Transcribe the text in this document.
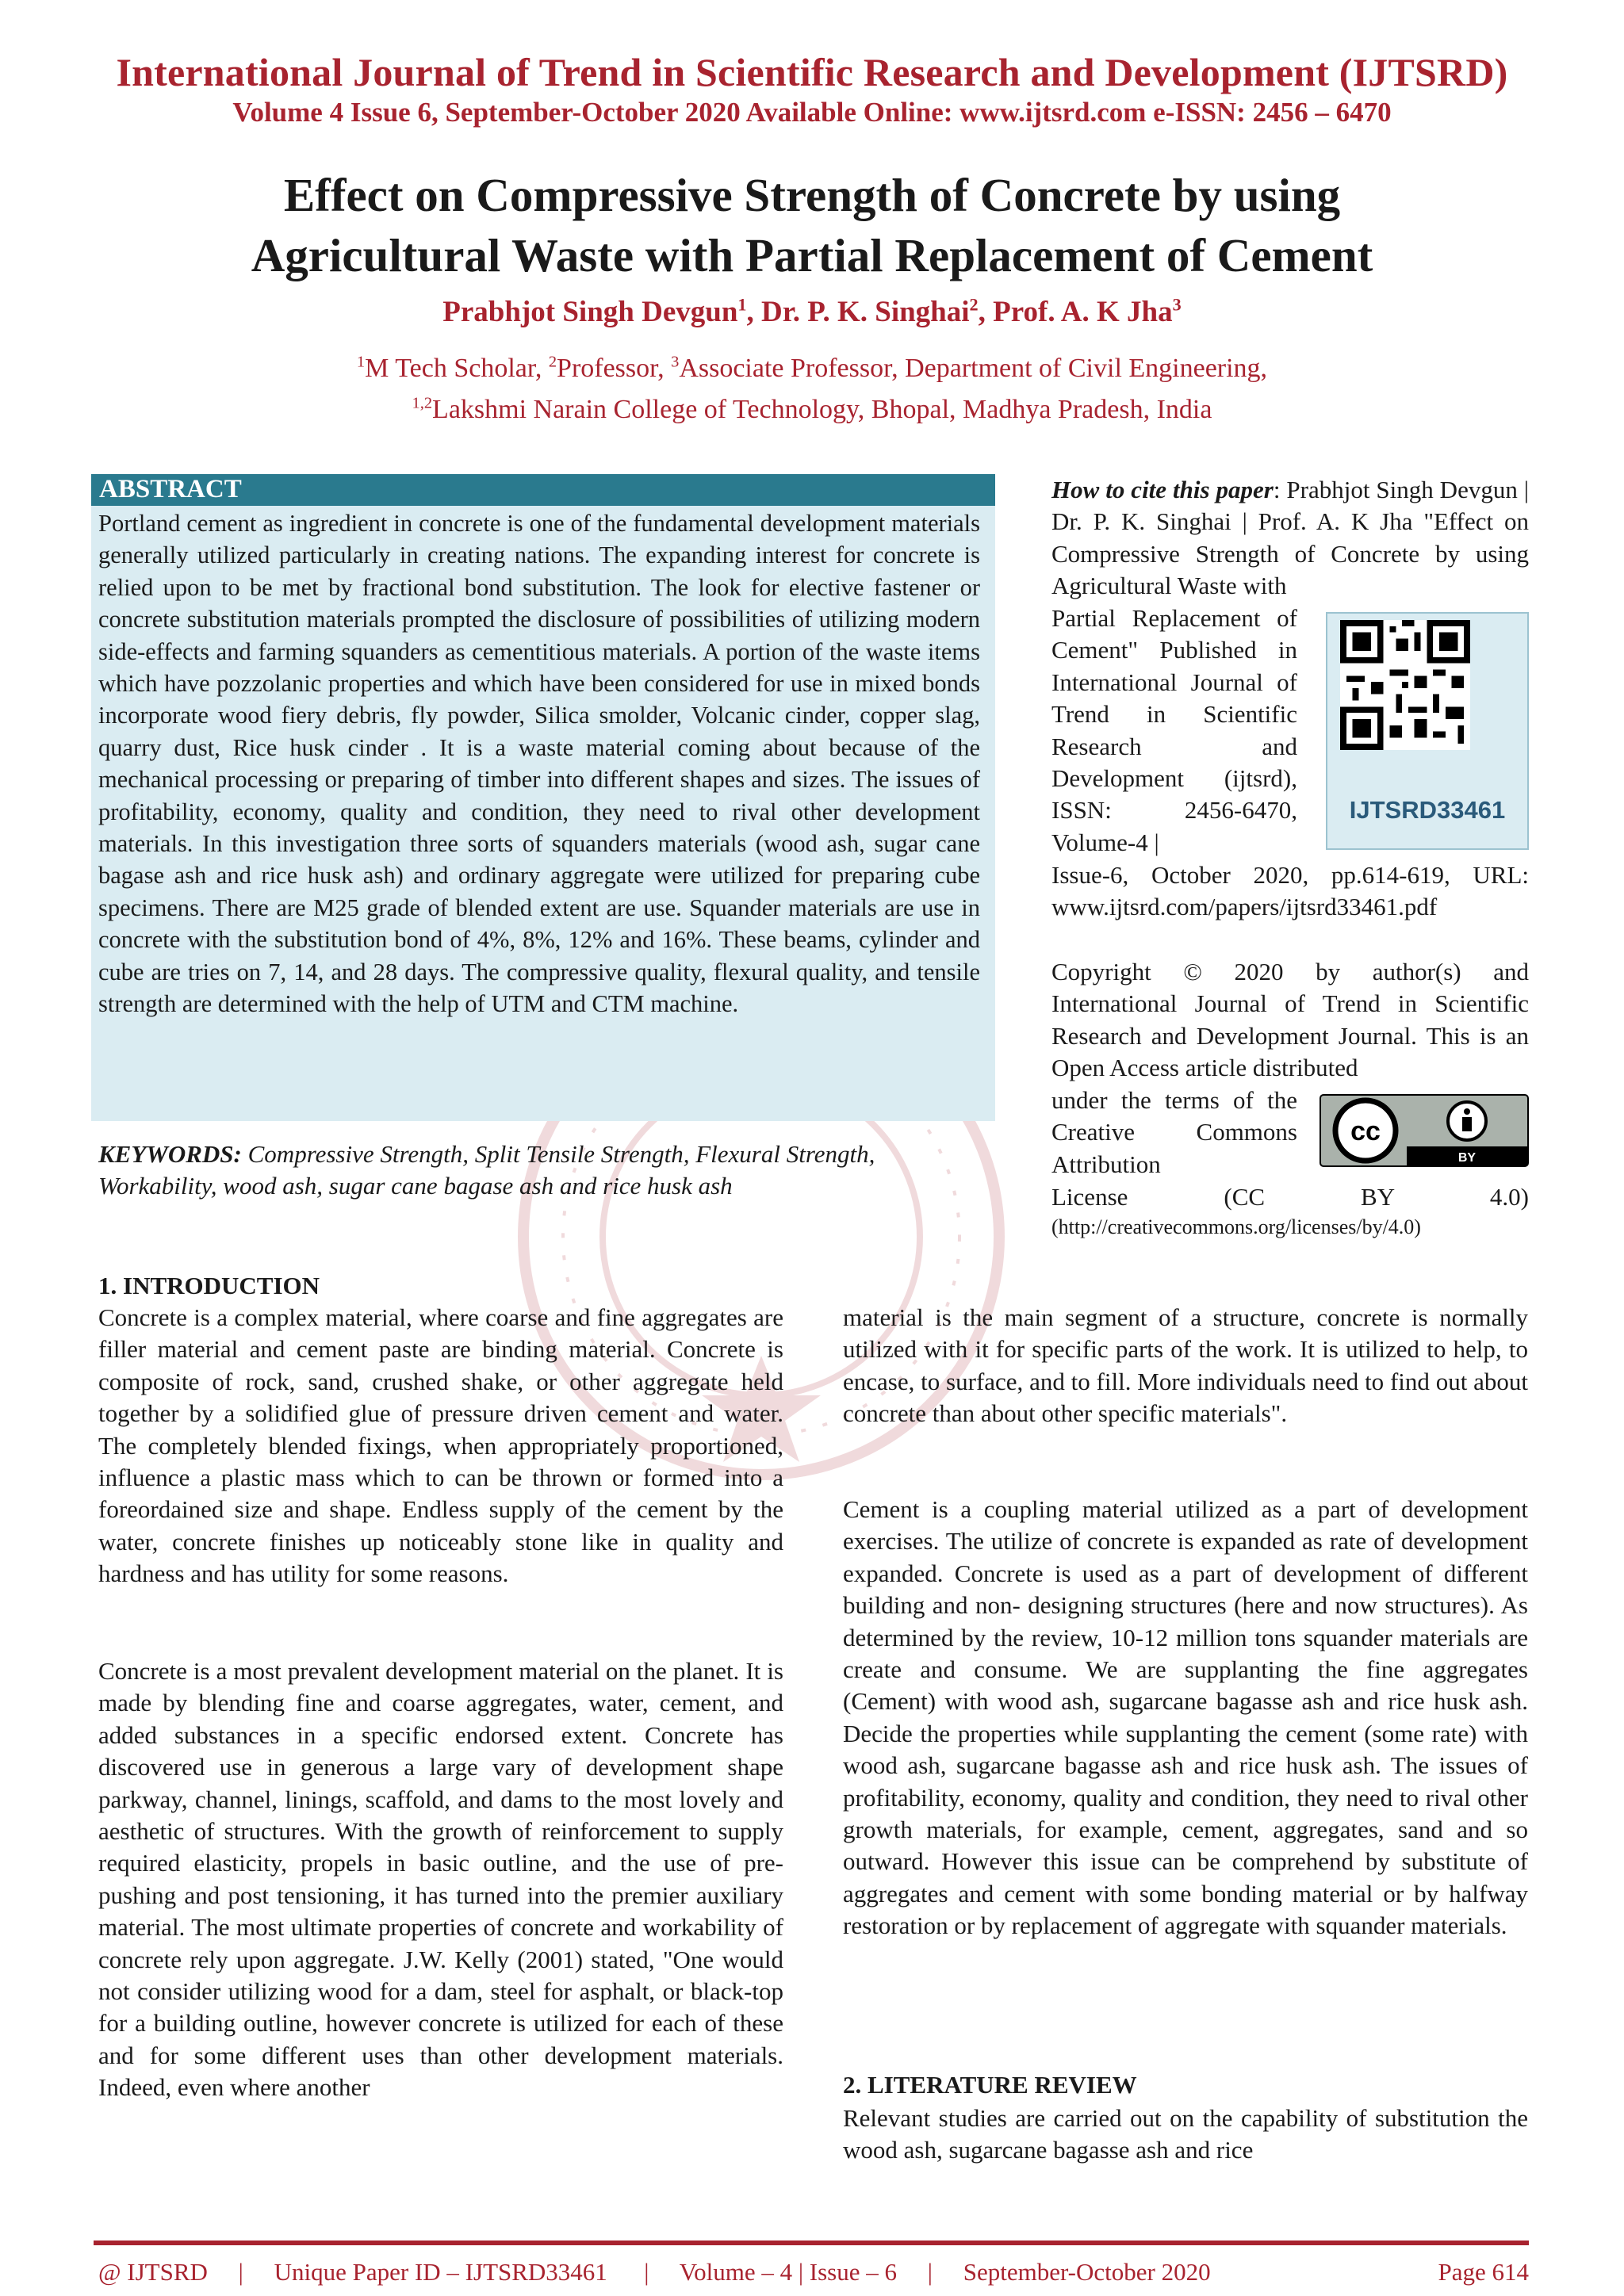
International Journal of Trend in Scientific Research and Development (IJTSRD)
Volume 4 Issue 6, September-October 2020 Available Online: www.ijtsrd.com e-ISSN: 2456 – 6470
Effect on Compressive Strength of Concrete by using
Agricultural Waste with Partial Replacement of Cement
Prabhjot Singh Devgun$^1$, Dr. P. K. Singhai$^2$, Prof. A. K Jha$^3$
$^1$M Tech Scholar, $^2$Professor, $^3$Associate Professor, Department of Civil Engineering,
$^{1,2}$Lakshmi Narain College of Technology, Bhopal, Madhya Pradesh, India
ABSTRACT
Portland cement as ingredient in concrete is one of the fundamental development materials generally utilized particularly in creating nations. The expanding interest for concrete is relied upon to be met by fractional bond substitution. The look for elective fastener or concrete substitution materials prompted the disclosure of possibilities of utilizing modern side-effects and farming squanders as cementitious materials. A portion of the waste items which have pozzolanic properties and which have been considered for use in mixed bonds incorporate wood fiery debris, fly powder, Silica smolder, Volcanic cinder, copper slag, quarry dust, Rice husk cinder . It is a waste material coming about because of the mechanical processing or preparing of timber into different shapes and sizes. The issues of profitability, economy, quality and condition, they need to rival other development materials. In this investigation three sorts of squanders materials (wood ash, sugar cane bagase ash and rice husk ash) and ordinary aggregate were utilized for preparing cube specimens. There are M25 grade of blended extent are use. Squander materials are use in concrete with the substitution bond of 4%, 8%, 12% and 16%. These beams, cylinder and cube are tries on 7, 14, and 28 days. The compressive quality, flexural quality, and tensile strength are determined with the help of UTM and CTM machine.
KEYWORDS: Compressive Strength, Split Tensile Strength, Flexural Strength, Workability, wood ash, sugar cane bagase ash and rice husk ash
How to cite this paper: Prabhjot Singh Devgun | Dr. P. K. Singhai | Prof. A. K Jha "Effect on Compressive Strength of Concrete by using Agricultural Waste with
Partial Replacement of Cement" Published in International Journal of Trend in Scientific Research and Development (ijtsrd), ISSN: 2456-6470, Volume-4 |
IJTSRD33461
Issue-6, October 2020, pp.614-619, URL: www.ijtsrd.com/papers/ijtsrd33461.pdf
Copyright © 2020 by author(s) and International Journal of Trend in Scientific Research and Development Journal. This is an Open Access article distributed
under the terms of the Creative Commons Attribution
cc
BY
License (CC BY 4.0)
(http://creativecommons.org/licenses/by/4.0)
1. INTRODUCTION
Concrete is a complex material, where coarse and fine aggregates are filler material and cement paste are binding material. Concrete is composite of rock, sand, crushed shake, or other aggregate held together by a solidified glue of pressure driven cement and water. The completely blended fixings, when appropriately proportioned, influence a plastic mass which to can be thrown or formed into a foreordained size and shape. Endless supply of the cement by the water, concrete finishes up noticeably stone like in quality and hardness and has utility for some reasons.
Concrete is a most prevalent development material on the planet. It is made by blending fine and coarse aggregates, water, cement, and added substances in a specific endorsed extent. Concrete has discovered use in generous a large vary of development shape parkway, channel, linings, scaffold, and dams to the most lovely and aesthetic of structures. With the growth of reinforcement to supply required elasticity, propels in basic outline, and the use of pre-pushing and post tensioning, it has turned into the premier auxiliary material. The most ultimate properties of concrete and workability of concrete rely upon aggregate. J.W. Kelly (2001) stated, "One would not consider utilizing wood for a dam, steel for asphalt, or black-top for a building outline, however concrete is utilized for each of these and for some different uses than other development materials. Indeed, even where another
material is the main segment of a structure, concrete is normally utilized with it for specific parts of the work. It is utilized to help, to encase, to surface, and to fill. More individuals need to find out about concrete than about other specific materials".
Cement is a coupling material utilized as a part of development exercises. The utilize of concrete is expanded as rate of development expanded. Concrete is used as a part of development of different building and non- designing structures (here and now structures). As determined by the review, 10-12 million tons squander materials are create and consume. We are supplanting the fine aggregates (Cement) with wood ash, sugarcane bagasse ash and rice husk ash. Decide the properties while supplanting the cement (some rate) with wood ash, sugarcane bagasse ash and rice husk ash. The issues of profitability, economy, quality and condition, they need to rival other growth materials, for example, cement, aggregates, sand and so outward. However this issue can be comprehend by substitute of aggregates and cement with some bonding material or by halfway restoration or by replacement of aggregate with squander materials.
2. LITERATURE REVIEW
Relevant studies are carried out on the capability of substitution the wood ash, sugarcane bagasse ash and rice
@ IJTSRD     |     Unique Paper ID – IJTSRD33461      |     Volume – 4 | Issue – 6     |     September-October 2020	Page 614
